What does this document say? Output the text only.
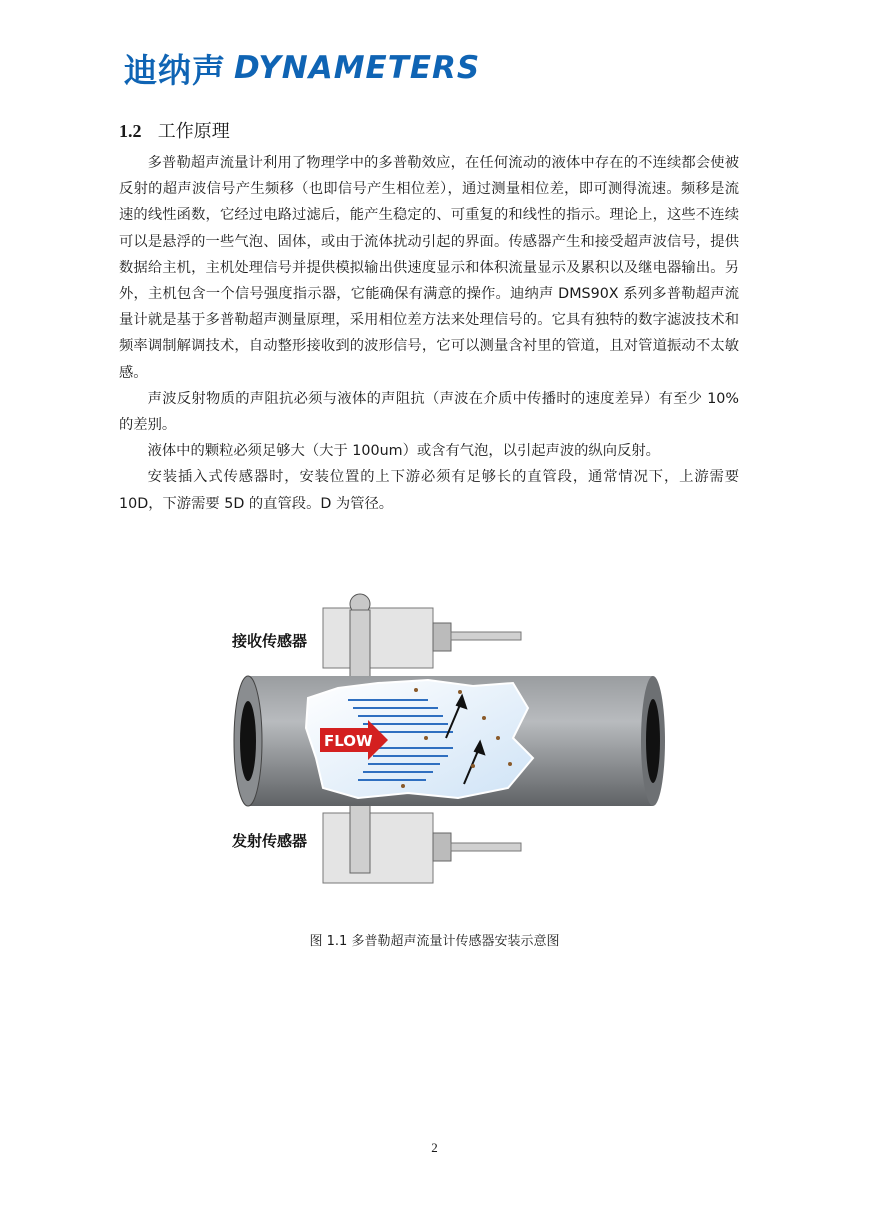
迪纳声 DYNAMETERS
1.2 工作原理

多普勒超声流量计利用了物理学中的多普勒效应，在任何流动的液体中存在的不连续都会使被反射的超声波信号产生频移（也即信号产生相位差），通过测量相位差，即可测得流速。频移是流速的线性函数，它经过电路过滤后，能产生稳定的、可重复的和线性的指示。理论上，这些不连续可以是悬浮的一些气泡、固体，或由于流体扰动引起的界面。传感器产生和接受超声波信号，提供数据给主机，主机处理信号并提供模拟输出供速度显示和体积流量显示及累积以及继电器输出。另外，主机包含一个信号强度指示器，它能确保有满意的操作。迪纳声 DMS90X 系列多普勒超声流量计就是基于多普勒超声测量原理，采用相位差方法来处理信号的。它具有独特的数字滤波技术和频率调制解调技术，自动整形接收到的波形信号，它可以测量含衬里的管道，且对管道振动不太敏感。

声波反射物质的声阻抗必须与液体的声阻抗（声波在介质中传播时的速度差异）有至少 10%的差别。

液体中的颗粒必须足够大（大于 100um）或含有气泡，以引起声波的纵向反射。

安装插入式传感器时，安装位置的上下游必须有足够长的直管段，通常情况下，上游需要 10D，下游需要 5D 的直管段。D 为管径。

FLOW
接收传感器
发射传感器
图 1.1 多普勒超声流量计传感器安装示意图
2
